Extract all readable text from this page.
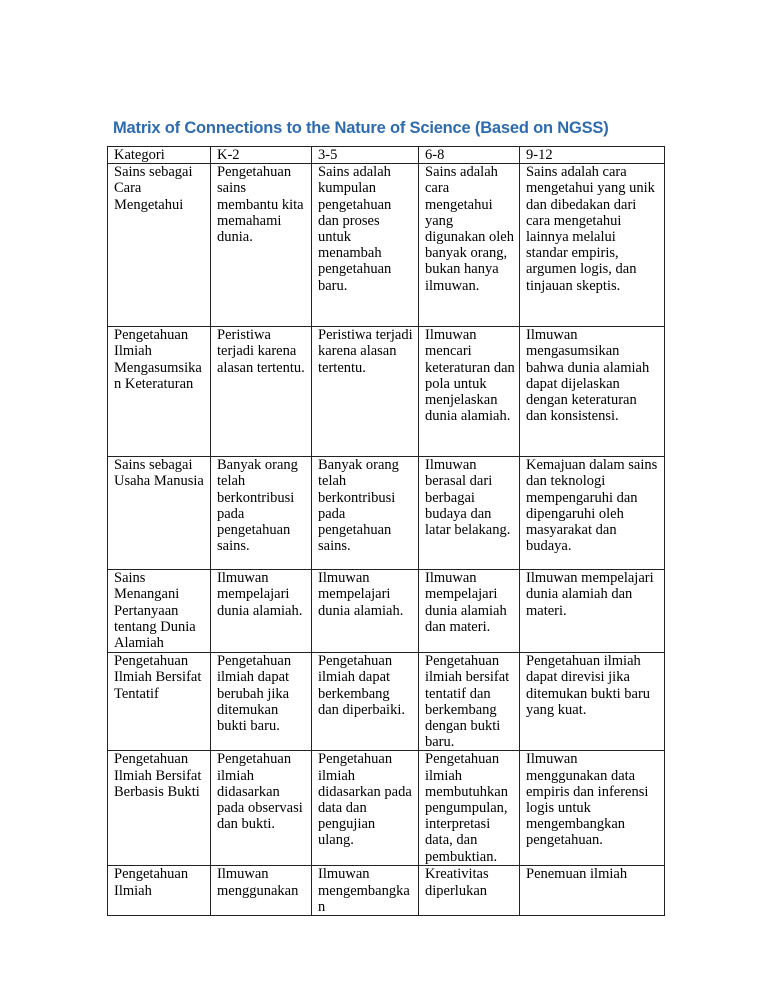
Matrix of Connections to the Nature of Science (Based on NGSS)
Kategori	K-2	3-5	6-8	9-12
Sains sebagai Cara Mengetahui	Pengetahuan sains membantu kita memahami dunia.	Sains adalah kumpulan pengetahuan dan proses untuk menambah pengetahuan baru.	Sains adalah cara mengetahui yang digunakan oleh banyak orang, bukan hanya ilmuwan.	Sains adalah cara mengetahui yang unik dan dibedakan dari cara mengetahui lainnya melalui standar empiris, argumen logis, dan tinjauan skeptis.
Pengetahuan Ilmiah Mengasumsikan Keteraturan	Peristiwa terjadi karena alasan tertentu.	Peristiwa terjadi karena alasan tertentu.	Ilmuwan mencari keteraturan dan pola untuk menjelaskan dunia alamiah.	Ilmuwan mengasumsikan bahwa dunia alamiah dapat dijelaskan dengan keteraturan dan konsistensi.
Sains sebagai Usaha Manusia	Banyak orang telah berkontribusi pada pengetahuan sains.	Banyak orang telah berkontribusi pada pengetahuan sains.	Ilmuwan berasal dari berbagai budaya dan latar belakang.	Kemajuan dalam sains dan teknologi mempengaruhi dan dipengaruhi oleh masyarakat dan budaya.
Sains Menangani Pertanyaan tentang Dunia Alamiah	Ilmuwan mempelajari dunia alamiah.	Ilmuwan mempelajari dunia alamiah.	Ilmuwan mempelajari dunia alamiah dan materi.	Ilmuwan mempelajari dunia alamiah dan materi.
Pengetahuan Ilmiah Bersifat Tentatif	Pengetahuan ilmiah dapat berubah jika ditemukan bukti baru.	Pengetahuan ilmiah dapat berkembang dan diperbaiki.	Pengetahuan ilmiah bersifat tentatif dan berkembang dengan bukti baru.	Pengetahuan ilmiah dapat direvisi jika ditemukan bukti baru yang kuat.
Pengetahuan Ilmiah Bersifat Berbasis Bukti	Pengetahuan ilmiah didasarkan pada observasi dan bukti.	Pengetahuan ilmiah didasarkan pada data dan pengujian ulang.	Pengetahuan ilmiah membutuhkan pengumpulan, interpretasi data, dan pembuktian.	Ilmuwan menggunakan data empiris dan inferensi logis untuk mengembangkan pengetahuan.
Pengetahuan Ilmiah	Ilmuwan menggunakan	Ilmuwan mengembangkan	Kreativitas diperlukan	Penemuan ilmiah
